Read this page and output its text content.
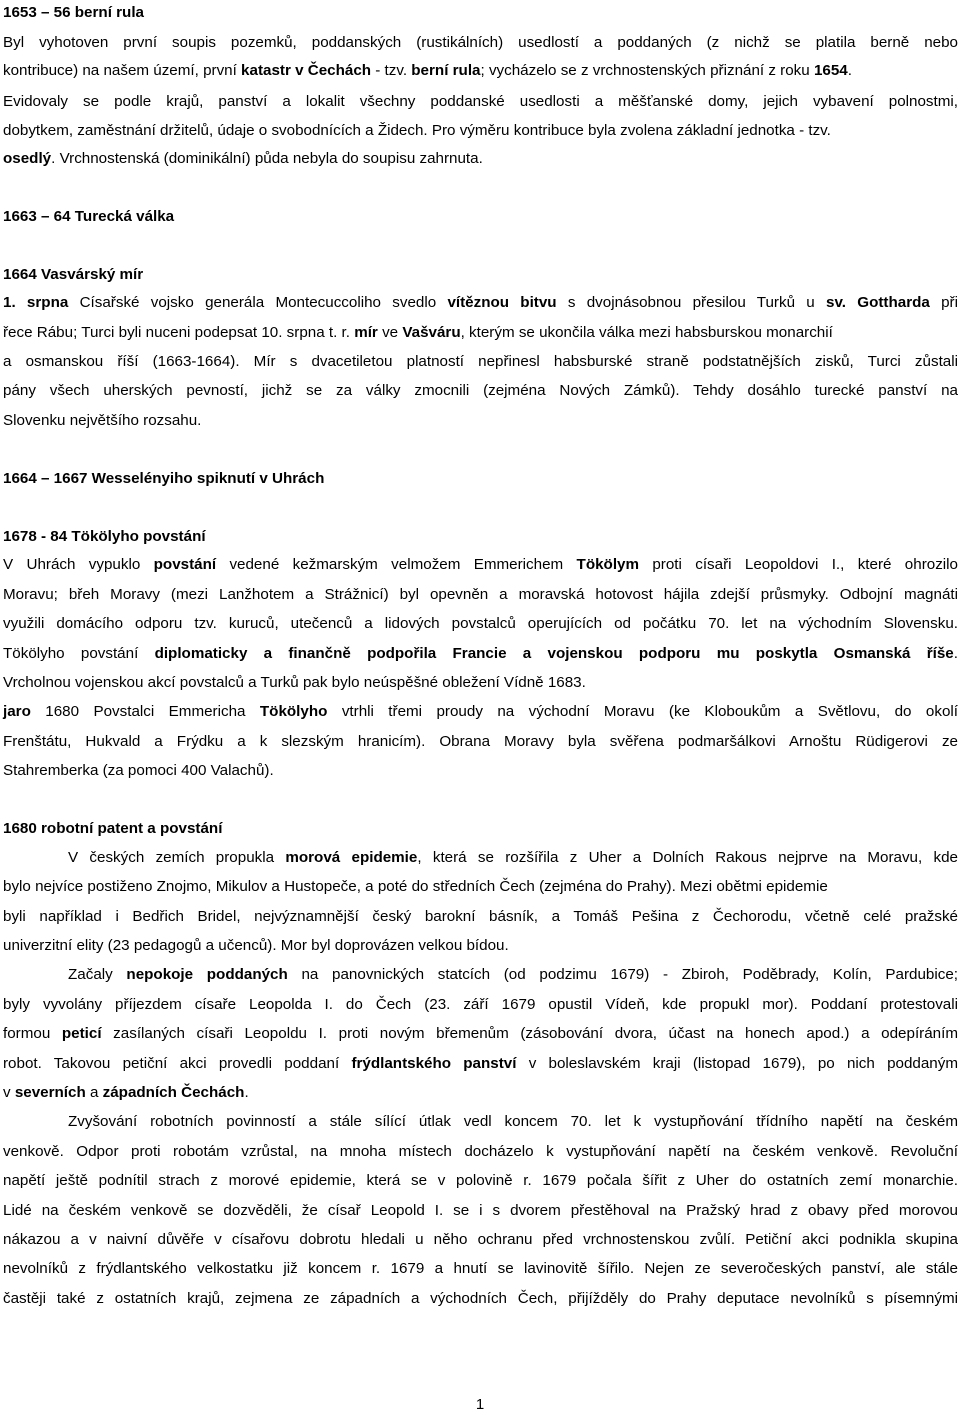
1653 – 56 berní rula
Byl vyhotoven první soupis pozemků, poddanských (rustikálních) usedlostí a poddaných (z nichž se platila berně nebo
kontribuce) na našem území, první katastr v Čechách - tzv. berní rula; vycházelo se z vrchnostenských přiznání z roku 1654.
Evidovaly se podle krajů, panství a lokalit všechny poddanské usedlosti a měšťanské domy, jejich vybavení polnostmi,
dobytkem, zaměstnání držitelů, údaje o svobodnících a Židech. Pro výměru kontribuce byla zvolena základní jednotka - tzv.
osedlý. Vrchnostenská (dominikální) půda nebyla do soupisu zahrnuta.
1663 – 64 Turecká válka
1664 Vasvárský mír
1. srpna Císařské vojsko generála Montecuccoliho svedlo vítěznou bitvu s dvojnásobnou přesilou Turků u sv. Gottharda při
řece Rábu; Turci byli nuceni podepsat 10. srpna t. r. mír ve Vašváru, kterým se ukončila válka mezi habsburskou monarchií
a osmanskou říší (1663-1664). Mír s dvacetiletou platností nepřinesl habsburské straně podstatnějších zisků, Turci zůstali
pány všech uherských pevností, jichž se za války zmocnili (zejména Nových Zámků). Tehdy dosáhlo turecké panství na
Slovenku největšího rozsahu.
1664 – 1667 Wesselényiho spiknutí v Uhrách
1678 - 84 Tökölyho povstání
V Uhrách vypuklo povstání vedené kežmarským velmožem Emmerichem Tökölym proti císaři Leopoldovi I., které ohrozilo
Moravu; břeh Moravy (mezi Lanžhotem a Strážnicí) byl opevněn a moravská hotovost hájila zdejší průsmyky. Odbojní magnáti
využili domácího odporu tzv. kuruců, utečenců a lidových povstalců operujících od počátku 70. let na východním Slovensku.
Tökölyho povstání diplomaticky a finančně podpořila Francie a vojenskou podporu mu poskytla Osmanská říše.
Vrcholnou vojenskou akcí povstalců a Turků pak bylo neúspěšné obležení Vídně 1683.
jaro 1680 Povstalci Emmericha Tökölyho vtrhli třemi proudy na východní Moravu (ke Kloboukům a Světlovu, do okolí
Frenštátu, Hukvald a Frýdku a k slezským hranicím). Obrana Moravy byla svěřena podmaršálkovi Arnoštu Rüdigerovi ze
Stahremberka (za pomoci 400 Valachů).
1680 robotní patent a povstání
V českých zemích propukla morová epidemie, která se rozšířila z Uher a Dolních Rakous nejprve na Moravu, kde
bylo nejvíce postiženo Znojmo, Mikulov a Hustopeče, a poté do středních Čech (zejména do Prahy). Mezi obětmi epidemie
byli například i Bedřich Bridel, nejvýznamnější český barokní básník, a Tomáš Pešina z Čechorodu, včetně celé pražské
univerzitní elity (23 pedagogů a učenců). Mor byl doprovázen velkou bídou.
Začaly nepokoje poddaných na panovnických statcích (od podzimu 1679) - Zbiroh, Poděbrady, Kolín, Pardubice;
byly vyvolány příjezdem císaře Leopolda I. do Čech (23. září 1679 opustil Vídeň, kde propukl mor). Poddaní protestovali
formou peticí zasílaných císaři Leopoldu I. proti novým břemenům (zásobování dvora, účast na honech apod.) a odepíráním
robot. Takovou petiční akci provedli poddaní frýdlantského panství v boleslavském kraji (listopad 1679), po nich poddaným
v severních a západních Čechách.
Zvyšování robotních povinností a stále sílící útlak vedl koncem 70. let k vystupňování třídního napětí na českém
venkově. Odpor proti robotám vzrůstal, na mnoha místech docházelo k vystupňování napětí na českém venkově. Revoluční
napětí ještě podnítil strach z morové epidemie, která se v polovině r. 1679 počala šířit z Uher do ostatních zemí monarchie.
Lidé na českém venkově se dozvěděli, že císař Leopold I. se i s dvorem přestěhoval na Pražský hrad z obavy před morovou
nákazou a v naivní důvěře v císařovu dobrotu hledali u něho ochranu před vrchnostenskou zvůlí. Petiční akci podnikla skupina
nevolníků z frýdlantského velkostatku již koncem r. 1679 a hnutí se lavinovitě šířilo. Nejen ze severočeských panství, ale stále
častěji také z ostatních krajů, zejmena ze západních a východních Čech, přijížděly do Prahy deputace nevolníků s písemnými
1
